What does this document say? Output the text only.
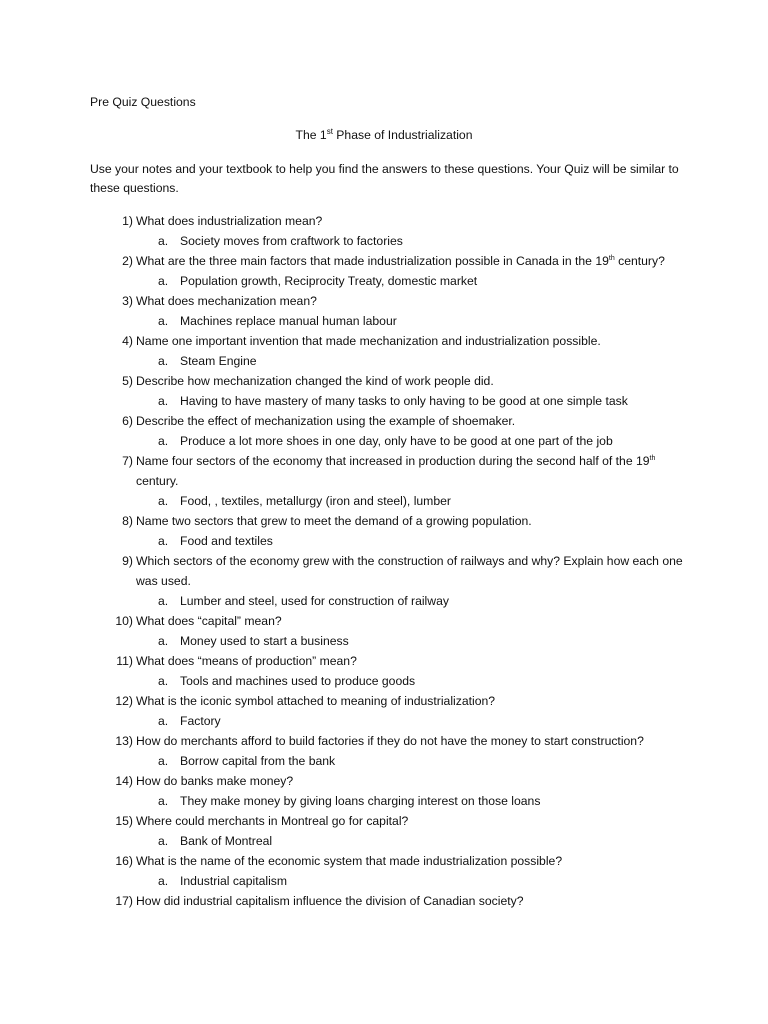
Pre Quiz Questions
The 1st Phase of Industrialization
Use your notes and your textbook to help you find the answers to these questions. Your Quiz will be similar to these questions.
1) What does industrialization mean?
a. Society moves from craftwork to factories
2) What are the three main factors that made industrialization possible in Canada in the 19th century?
a. Population growth, Reciprocity Treaty, domestic market
3) What does mechanization mean?
a. Machines replace manual human labour
4) Name one important invention that made mechanization and industrialization possible.
a. Steam Engine
5) Describe how mechanization changed the kind of work people did.
a. Having to have mastery of many tasks to only having to be good at one simple task
6) Describe the effect of mechanization using the example of shoemaker.
a. Produce a lot more shoes in one day, only have to be good at one part of the job
7) Name four sectors of the economy that increased in production during the second half of the 19th century.
a. Food, , textiles, metallurgy (iron and steel), lumber
8) Name two sectors that grew to meet the demand of a growing population.
a. Food and textiles
9) Which sectors of the economy grew with the construction of railways and why? Explain how each one was used.
a. Lumber and steel, used for construction of railway
10) What does “capital” mean?
a. Money used to start a business
11) What does “means of production” mean?
a. Tools and machines used to produce goods
12) What is the iconic symbol attached to meaning of industrialization?
a. Factory
13) How do merchants afford to build factories if they do not have the money to start construction?
a. Borrow capital from the bank
14) How do banks make money?
a. They make money by giving loans charging interest on those loans
15) Where could merchants in Montreal go for capital?
a. Bank of Montreal
16) What is the name of the economic system that made industrialization possible?
a. Industrial capitalism
17) How did industrial capitalism influence the division of Canadian society?
